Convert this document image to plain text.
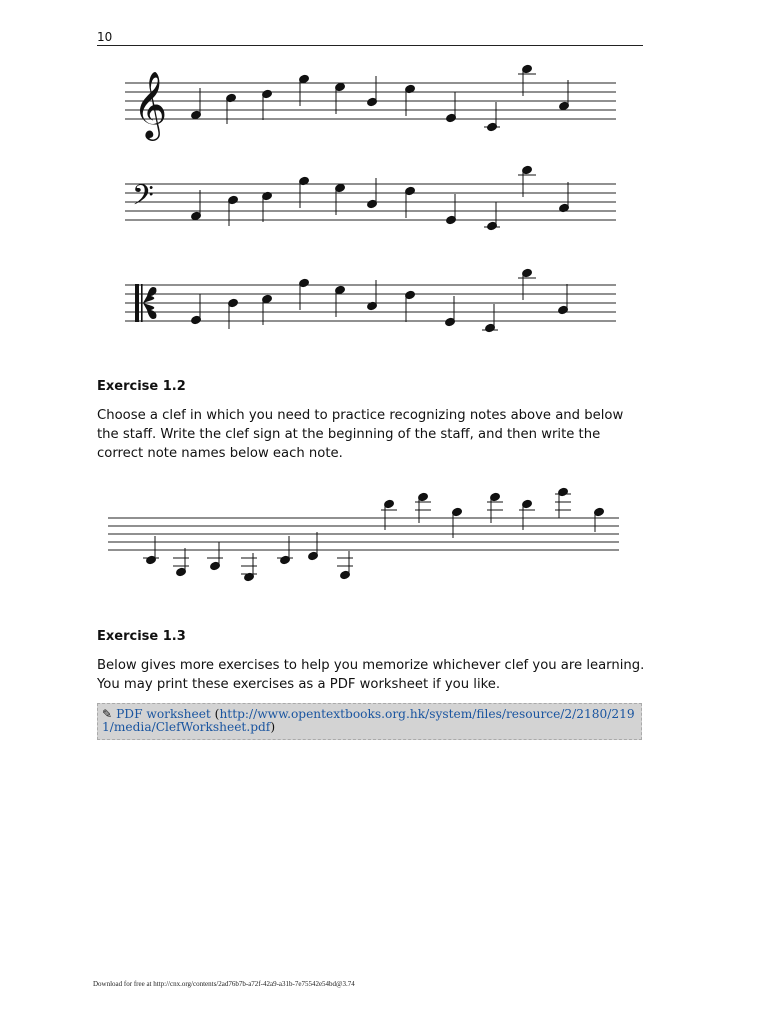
10
𝄞
𝄢
Exercise 1.2

Choose a clef in which you need to practice recognizing notes above and below the staff. Write the clef sign at the beginning of the staff, and then write the correct note names below each note.

Exercise 1.3

Below gives more exercises to help you memorize whichever clef you are learning. You may print these exercises as a PDF worksheet if you like.

✎ PDF worksheet (http://www.opentextbooks.org.hk/system/files/resource/2/2180/2191/media/ClefWorksheet.pdf)
Download for free at http://cnx.org/contents/2ad76b7b-a72f-42a9-a31b-7e75542e54bd@3.74
